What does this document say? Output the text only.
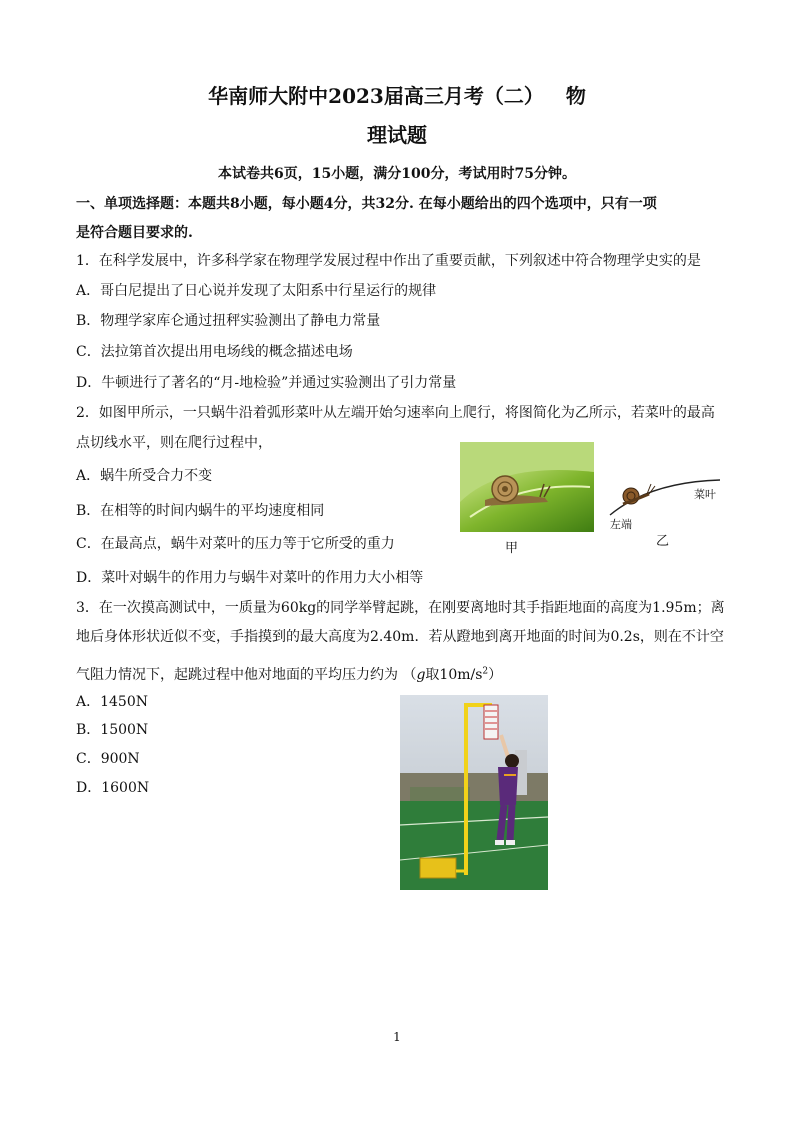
华南师大附中2023届高三月考（二） 物
理试题
本试卷共6页，15小题，满分100分，考试用时75分钟。
一、单项选择题：本题共8小题，每小题4分，共32分. 在每小题给出的四个选项中，只有一项
是符合题目要求的.
1．在科学发展中，许多科学家在物理学发展过程中作出了重要贡献，下列叙述中符合物理学史实的是
A．哥白尼提出了日心说并发现了太阳系中行星运行的规律
B．物理学家库仑通过扭秤实验测出了静电力常量
C．法拉第首次提出用电场线的概念描述电场
D．牛顿进行了著名的“月-地检验”并通过实验测出了引力常量
2．如图甲所示，一只蜗牛沿着弧形菜叶从左端开始匀速率向上爬行，将图简化为乙所示，若菜叶的最高
点切线水平，则在爬行过程中，
A．蜗牛所受合力不变
B．在相等的时间内蜗牛的平均速度相同
C．在最高点，蜗牛对菜叶的压力等于它所受的重力
D．菜叶对蜗牛的作用力与蜗牛对菜叶的作用力大小相等
甲
菜叶
左端
乙
3．在一次摸高测试中，一质量为60kg的同学举臂起跳，在刚要离地时其手指距地面的高度为1.95m；离
地后身体形状近似不变，手指摸到的最大高度为2.40m．若从蹬地到离开地面的时间为0.2s，则在不计空
气阻力情况下，起跳过程中他对地面的平均压力约为 （g取$10m/s^2$）
A．1450N
B．1500N
C．900N
D．1600N
1
